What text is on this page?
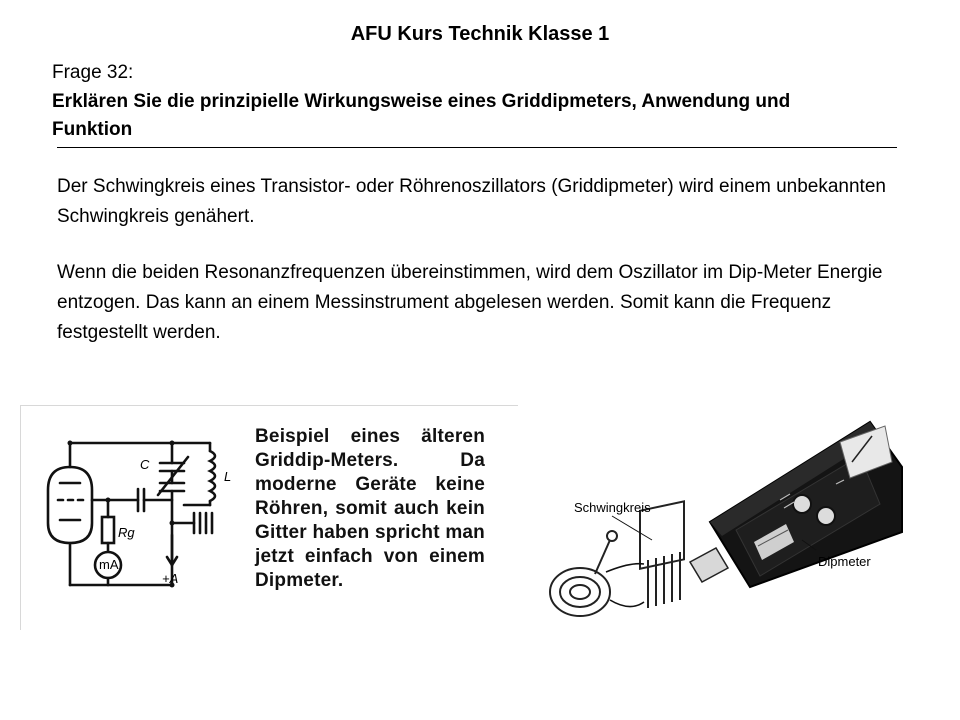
AFU Kurs Technik Klasse 1
Frage 32:
Erklären Sie die prinzipielle Wirkungsweise eines Griddipmeters, Anwendung und Funktion
Der Schwingkreis eines Transistor- oder Röhrenoszillators (Griddipmeter) wird einem unbekannten Schwingkreis genähert.
Wenn die beiden Resonanzfrequenzen übereinstimmen, wird dem Oszillator im Dip-Meter Energie entzogen. Das kann an einem Messinstrument abgelesen werden. Somit kann die Frequenz festgestellt werden.
C
L
Rg
mA
+A
Beispiel eines älteren Griddip-Meters. Da moderne Geräte keine Röhren, somit auch kein Gitter haben spricht man jetzt einfach von einem Dipmeter.
Schwingkreis
Dipmeter
